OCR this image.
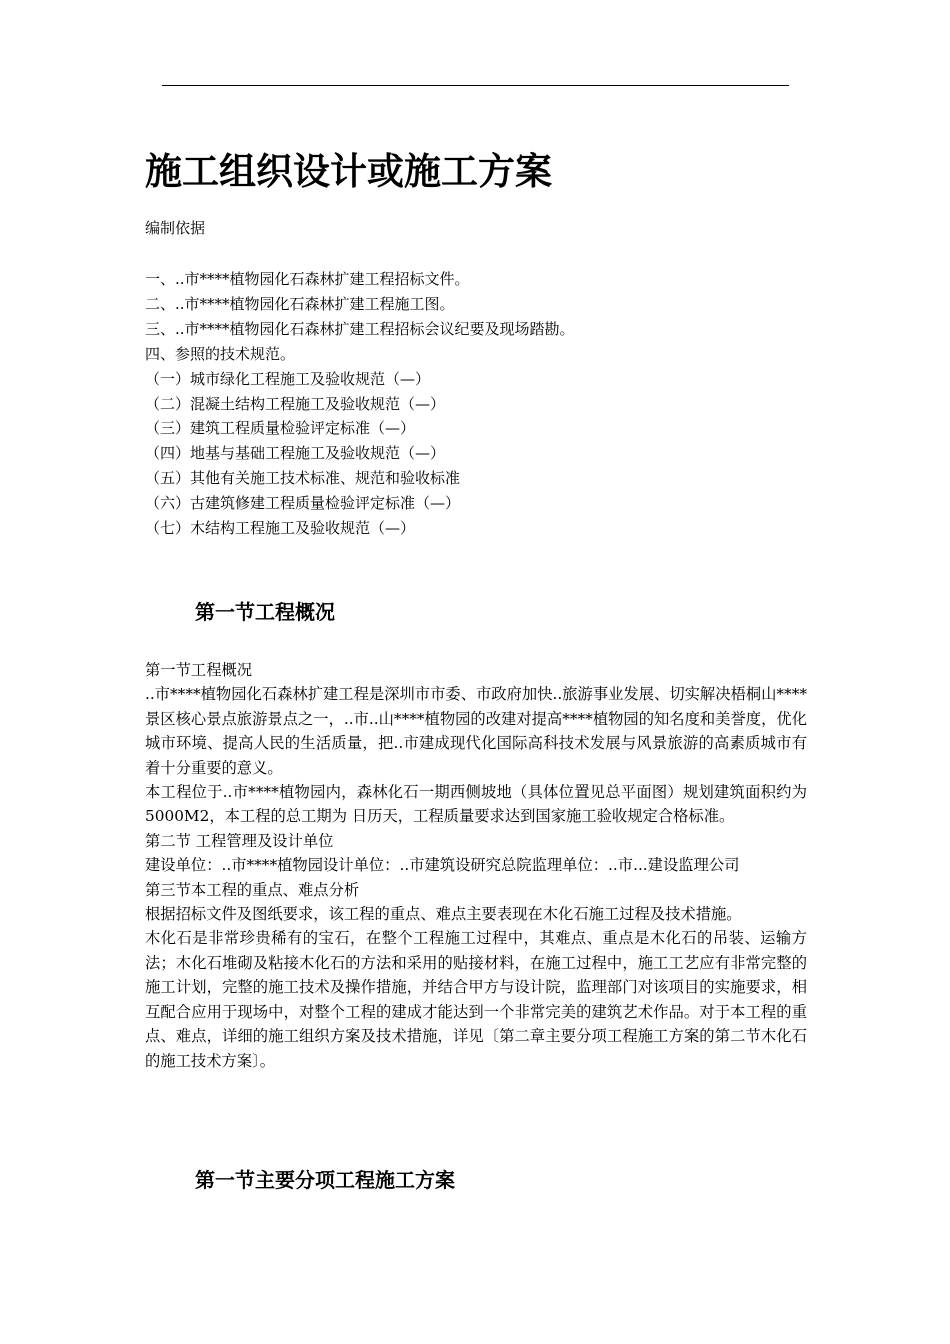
施工组织设计或施工方案
编制依据
一、..市****植物园化石森林扩建工程招标文件。
二、..市****植物园化石森林扩建工程施工图。
三、..市****植物园化石森林扩建工程招标会议纪要及现场踏勘。
四、参照的技术规范。
（一）城市绿化工程施工及验收规范（—）
（二）混凝土结构工程施工及验收规范（—）
（三）建筑工程质量检验评定标准（—）
（四）地基与基础工程施工及验收规范（—）
（五）其他有关施工技术标准、规范和验收标准
（六）古建筑修建工程质量检验评定标准（—）
（七）木结构工程施工及验收规范（—）
第一节工程概况

第一节工程概况

..市****植物园化石森林扩建工程是深圳市市委、市政府加快..旅游事业发展、切实解决梧桐山****景区核心景点旅游景点之一，..市..山****植物园的改建对提高****植物园的知名度和美誉度，优化城市环境、提高人民的生活质量，把..市建成现代化国际高科技术发展与风景旅游的高素质城市有着十分重要的意义。

本工程位于..市****植物园内，森林化石一期西侧坡地（具体位置见总平面图）规划建筑面积约为5000M2，本工程的总工期为 日历天，工程质量要求达到国家施工验收规定合格标准。

第二节 工程管理及设计单位

建设单位：..市****植物园设计单位：..市建筑设研究总院监理单位：..市...建设监理公司

第三节本工程的重点、难点分析

根据招标文件及图纸要求，该工程的重点、难点主要表现在木化石施工过程及技术措施。

木化石是非常珍贵稀有的宝石，在整个工程施工过程中，其难点、重点是木化石的吊装、运输方法；木化石堆砌及粘接木化石的方法和采用的贴接材料，在施工过程中，施工工艺应有非常完整的施工计划，完整的施工技术及操作措施，并结合甲方与设计院，监理部门对该项目的实施要求，相互配合应用于现场中，对整个工程的建成才能达到一个非常完美的建筑艺术作品。对于本工程的重点、难点，详细的施工组织方案及技术措施，详见〔第二章主要分项工程施工方案的第二节木化石的施工技术方案〕。

第一节主要分项工程施工方案
